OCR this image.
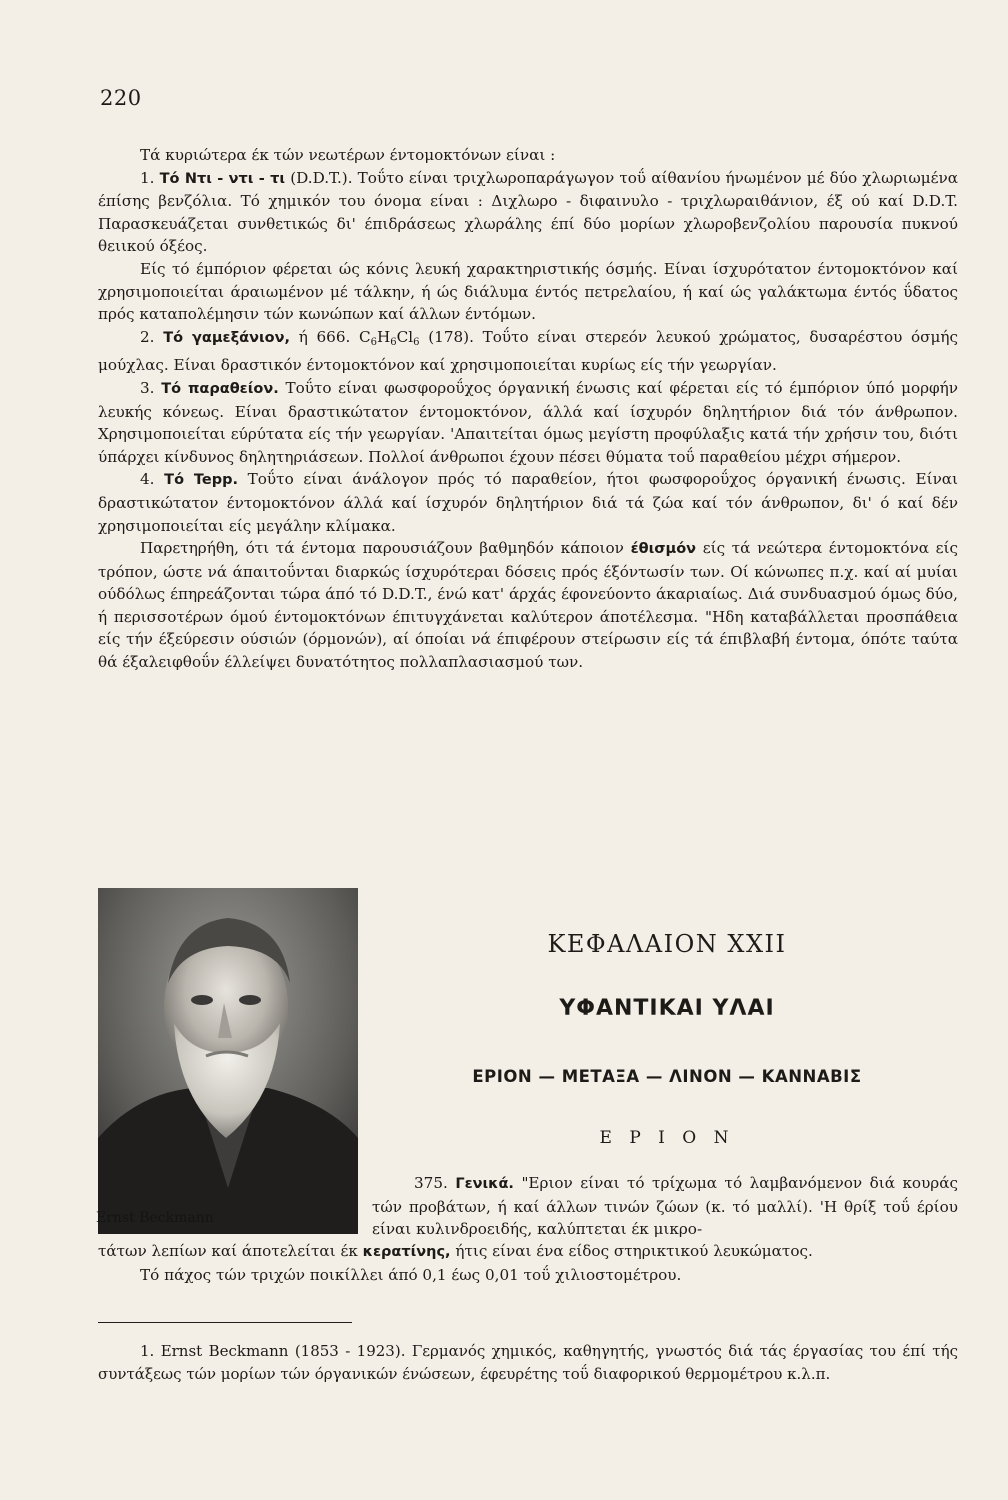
220

Τά κυριώτερα έκ τών νεωτέρων έντομοκτόνων είναι :

1. Τό Ντι - ντι - τι (D.D.T.). Τοΰτο είναι τριχλωροπαράγωγον τοΰ αίθανίου ήνωμένον μέ δύο χλωριωμένα έπίσης βενζόλια. Τό χημικόν του όνομα είναι : Διχλωρο - διφαινυλο - τριχλωραιθάνιον, έξ ού καί D.D.T. Παρασκευάζεται συνθετικώς δι' έπιδράσεως χλωράλης έπί δύο μορίων χλωροβενζολίου παρουσία πυκνού θειικού όξέος.

Είς τό έμπόριον φέρεται ώς κόνις λευκή χαρακτηριστικής όσμής. Είναι ίσχυρότατον έντομοκτόνον καί χρησιμοποιείται άραιωμένον μέ τάλκην, ή ώς διάλυμα έντός πετρελαίου, ή καί ώς γαλάκτωμα έντός ΰδατος πρός καταπολέμησιν τών κωνώπων καί άλλων έντόμων.

2. Τό γαμεξάνιον, ή 666. $C_6H_6Cl_6$ (178). Τοΰτο είναι στερεόν λευκού χρώματος, δυσαρέστου όσμής μούχλας. Είναι δραστικόν έντομοκτόνον καί χρησιμοποιείται κυρίως είς τήν γεωργίαν.

3. Τό παραθείον. Τοΰτο είναι φωσφοροΰχος όργανική ένωσις καί φέρεται είς τό έμπόριον ύπό μορφήν λευκής κόνεως. Είναι δραστικώτατον έντομοκτόνον, άλλά καί ίσχυρόν δηλητήριον διά τόν άνθρωπον. Χρησιμοποιείται εύρύτατα είς τήν γεωργίαν. 'Απαιτείται όμως μεγίστη προφύλαξις κατά τήν χρήσιν του, διότι ύπάρχει κίνδυνος δηλητηριάσεων. Πολλοί άνθρωποι έχουν πέσει θύματα τοΰ παραθείου μέχρι σήμερον.

4. Τό Tepp. Τοΰτο είναι άνάλογον πρός τό παραθείον, ήτοι φωσφοροΰχος όργανική ένωσις. Είναι δραστικώτατον έντομοκτόνον άλλά καί ίσχυρόν δηλητήριον διά τά ζώα καί τόν άνθρωπον, δι' ό καί δέν χρησιμοποιείται είς μεγάλην κλίμακα.

Παρετηρήθη, ότι τά έντομα παρουσιάζουν βαθμηδόν κάποιον έθισμόν είς τά νεώτερα έντομοκτόνα είς τρόπον, ώστε νά άπαιτοΰνται διαρκώς ίσχυρότεραι δόσεις πρός έξόντωσίν των. Οί κώνωπες π.χ. καί αί μυίαι ούδόλως έπηρεάζονται τώρα άπό τό D.D.T., ένώ κατ' άρχάς έφονεύοντο άκαριαίως. Διά συνδυασμού όμως δύο, ή περισσοτέρων όμού έντομοκτόνων έπιτυγχάνεται καλύτερον άποτέλεσμα. "Ηδη καταβάλλεται προσπάθεια είς τήν έξεύρεσιν ούσιών (όρμονών), αί όποίαι νά έπιφέρουν στείρωσιν είς τά έπιβλαβή έντομα, όπότε ταύτα θά έξαλειφθοΰν έλλείψει δυνατότητος πολλαπλασιασμού των.

Ernst Beckmann
ΚΕΦΑΛΑΙΟΝ XXII
ΥΦΑΝΤΙΚΑΙ ΥΛΑΙ
ΕΡΙΟΝ — ΜΕΤΑΞΑ — ΛΙΝΟΝ — ΚΑΝΝΑΒΙΣ
Ε Ρ Ι Ο Ν

375. Γενικά. "Εριον είναι τό τρίχωμα τό λαμβανόμενον διά κουράς τών προβάτων, ή καί άλλων τινών ζώων (κ. τό μαλλί). 'Η θρίξ τοΰ έρίου είναι κυλινδροειδής, καλύπτεται έκ μικρο-

τάτων λεπίων καί άποτελείται έκ κερατίνης, ήτις είναι ένα είδος στηρικτικού λευκώματος.

Τό πάχος τών τριχών ποικίλλει άπό 0,1 έως 0,01 τοΰ χιλιοστομέτρου.

1. Ernst Beckmann (1853 - 1923). Γερμανός χημικός, καθηγητής, γνωστός διά τάς έργασίας του έπί τής συντάξεως τών μορίων τών όργανικών ένώσεων, έφευρέτης τοΰ διαφορικού θερμομέτρου κ.λ.π.
